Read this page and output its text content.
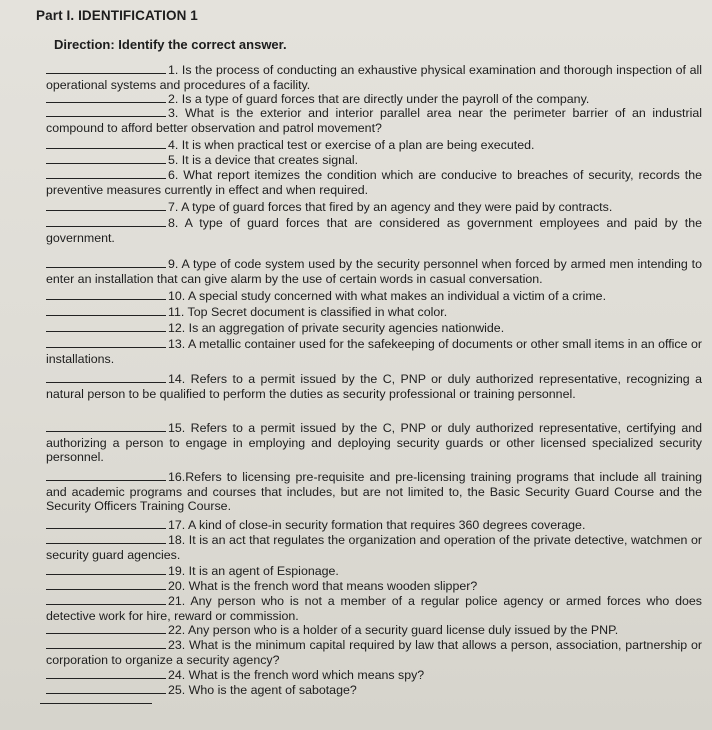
Part I. IDENTIFICATION 1
Direction: Identify the correct answer.
1. Is the process of conducting an exhaustive physical examination and thorough inspection of all operational systems and procedures of a facility.
2. Is a type of guard forces that are directly under the payroll of the company.
3. What is the exterior and interior parallel area near the perimeter barrier of an industrial compound to afford better observation and patrol movement?
4. It is when practical test or exercise of a plan are being executed.
5. It is a device that creates signal.
6. What report itemizes the condition which are conducive to breaches of security, records the preventive measures currently in effect and when required.
7. A type of guard forces that fired by an agency and they were paid by contracts.
8. A type of guard forces that are considered as government employees and paid by the government.
9. A type of code system used by the security personnel when forced by armed men intending to enter an installation that can give alarm by the use of certain words in casual conversation.
10. A special study concerned with what makes an individual a victim of a crime.
11. Top Secret document is classified in what color.
12. Is an aggregation of private security agencies nationwide.
13. A metallic container used for the safekeeping of documents or other small items in an office or installations.
14. Refers to a permit issued by the C, PNP or duly authorized representative, recognizing a natural person to be qualified to perform the duties as security professional or training personnel.
15. Refers to a permit issued by the C, PNP or duly authorized representative, certifying and authorizing a person to engage in employing and deploying security guards or other licensed specialized security personnel.
16.Refers to licensing pre-requisite and pre-licensing training programs that include all training and academic programs and courses that includes, but are not limited to, the Basic Security Guard Course and the Security Officers Training Course.
17. A kind of close-in security formation that requires 360 degrees coverage.
18. It is an act that regulates the organization and operation of the private detective, watchmen or security guard agencies.
19. It is an agent of Espionage.
20. What is the french word that means wooden slipper?
21. Any person who is not a member of a regular police agency or armed forces who does detective work for hire, reward or commission.
22. Any person who is a holder of a security guard license duly issued by the PNP.
23. What is the minimum capital required by law that allows a person, association, partnership or corporation to organize a security agency?
24. What is the french word which means spy?
25. Who is the agent of sabotage?
